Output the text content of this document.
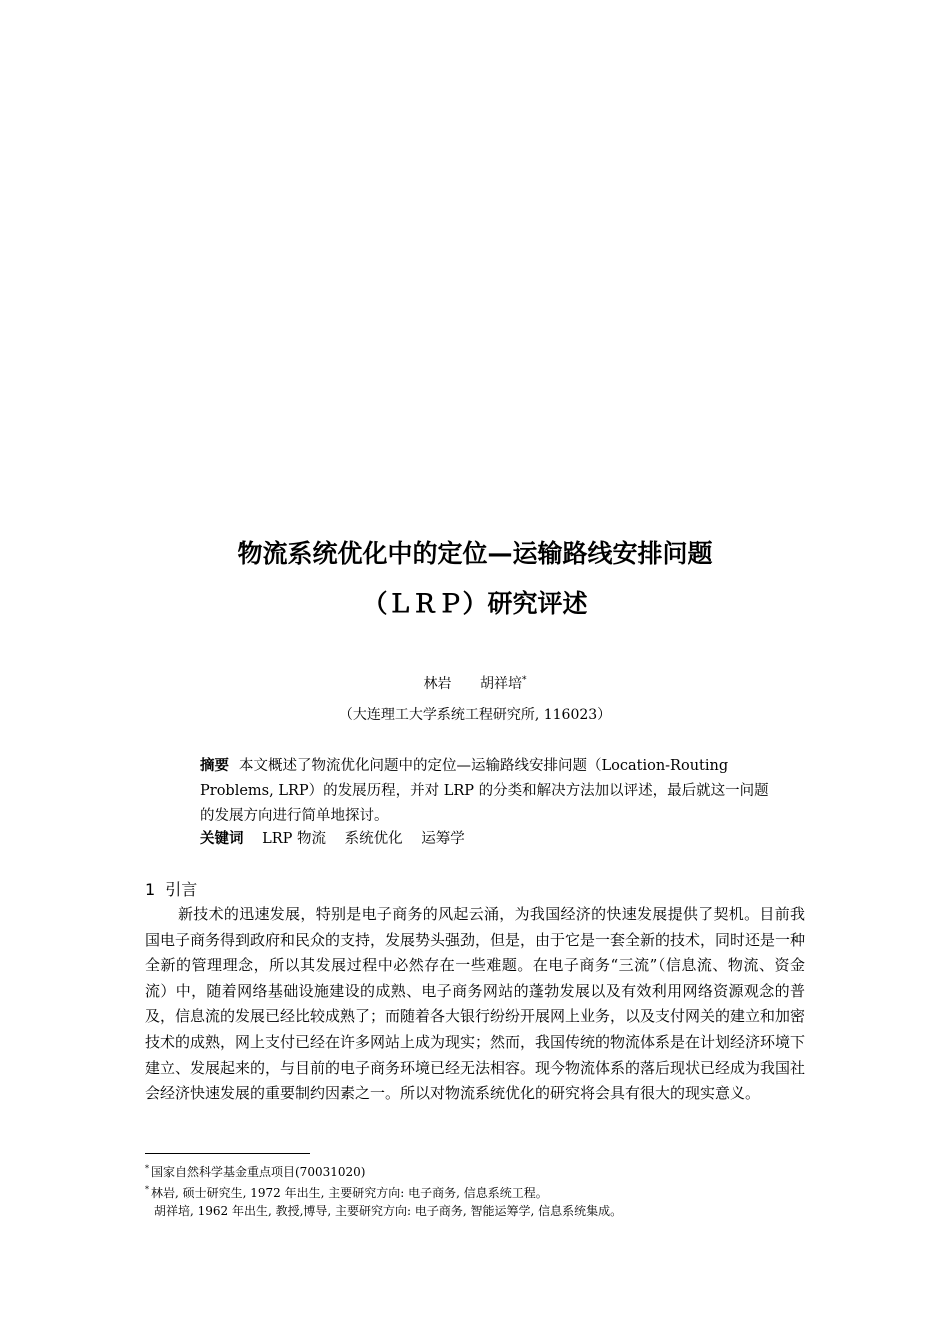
物流系统优化中的定位—运输路线安排问题
（ＬＲＰ）研究评述
林岩 胡祥培*
（大连理工大学系统工程研究所, 116023）
摘要 本文概述了物流优化问题中的定位—运输路线安排问题（Location-Routing Problems, LRP）的发展历程，并对 LRP 的分类和解决方法加以评述，最后就这一问题的发展方向进行简单地探讨。
关键词 LRP 物流 系统优化 运筹学
1 引言

新技术的迅速发展，特别是电子商务的风起云涌，为我国经济的快速发展提供了契机。目前我国电子商务得到政府和民众的支持，发展势头强劲，但是，由于它是一套全新的技术，同时还是一种全新的管理理念，所以其发展过程中必然存在一些难题。在电子商务“三流”（信息流、物流、资金流）中，随着网络基础设施建设的成熟、电子商务网站的蓬勃发展以及有效利用网络资源观念的普及，信息流的发展已经比较成熟了；而随着各大银行纷纷开展网上业务，以及支付网关的建立和加密技术的成熟，网上支付已经在许多网站上成为现实；然而，我国传统的物流体系是在计划经济环境下建立、发展起来的，与目前的电子商务环境已经无法相容。现今物流体系的落后现状已经成为我国社会经济快速发展的重要制约因素之一。所以对物流系统优化的研究将会具有很大的现实意义。

* 国家自然科学基金重点项目(70031020)
* 林岩, 硕士研究生, 1972 年出生, 主要研究方向: 电子商务, 信息系统工程。
胡祥培, 1962 年出生, 教授,博导, 主要研究方向: 电子商务, 智能运筹学, 信息系统集成。
